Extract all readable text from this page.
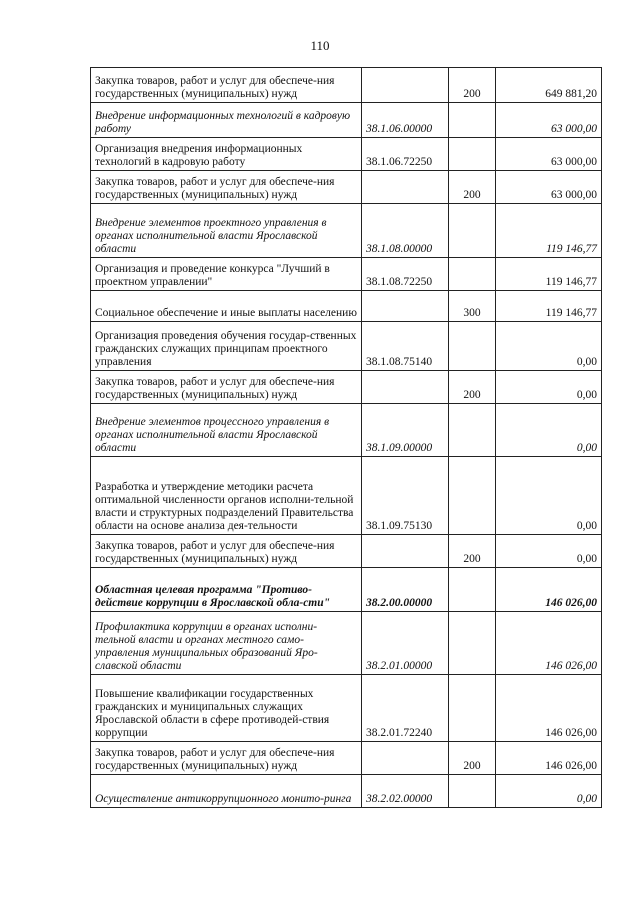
110
Закупка товаров, работ и услуг для обеспече-ния государственных (муниципальных) нужд		200	649 881,20
Внедрение информационных технологий в кадровую работу	38.1.06.00000		63 000,00
Организация внедрения информационных технологий в кадровую работу	38.1.06.72250		63 000,00
Закупка товаров, работ и услуг для обеспече-ния государственных (муниципальных) нужд		200	63 000,00
Внедрение элементов проектного управления в органах исполнительной власти Ярославской области	38.1.08.00000		119 146,77
Организация и проведение конкурса "Лучший в проектном управлении"	38.1.08.72250		119 146,77
Социальное обеспечение и иные выплаты населению		300	119 146,77
Организация проведения обучения государ-ственных гражданских служащих принципам проектного управления	38.1.08.75140		0,00
Закупка товаров, работ и услуг для обеспече-ния государственных (муниципальных) нужд		200	0,00
Внедрение элементов процессного управления в органах исполнительной власти Ярославской области	38.1.09.00000		0,00
Разработка и утверждение методики расчета оптимальной численности органов исполни-тельной власти и структурных подразделений Правительства области на основе анализа дея-тельности	38.1.09.75130		0,00
Закупка товаров, работ и услуг для обеспече-ния государственных (муниципальных) нужд		200	0,00
Областная целевая программа "Противо-действие коррупции в Ярославской обла-сти"	38.2.00.00000		146 026,00
Профилактика коррупции в органах исполни-тельной власти и органах местного само-управления муниципальных образований Яро-славской области	38.2.01.00000		146 026,00
Повышение квалификации государственных гражданских и муниципальных служащих Ярославской области в сфере противодей-ствия коррупции	38.2.01.72240		146 026,00
Закупка товаров, работ и услуг для обеспече-ния государственных (муниципальных) нужд		200	146 026,00
Осуществление антикоррупционного монито-ринга	38.2.02.00000		0,00
